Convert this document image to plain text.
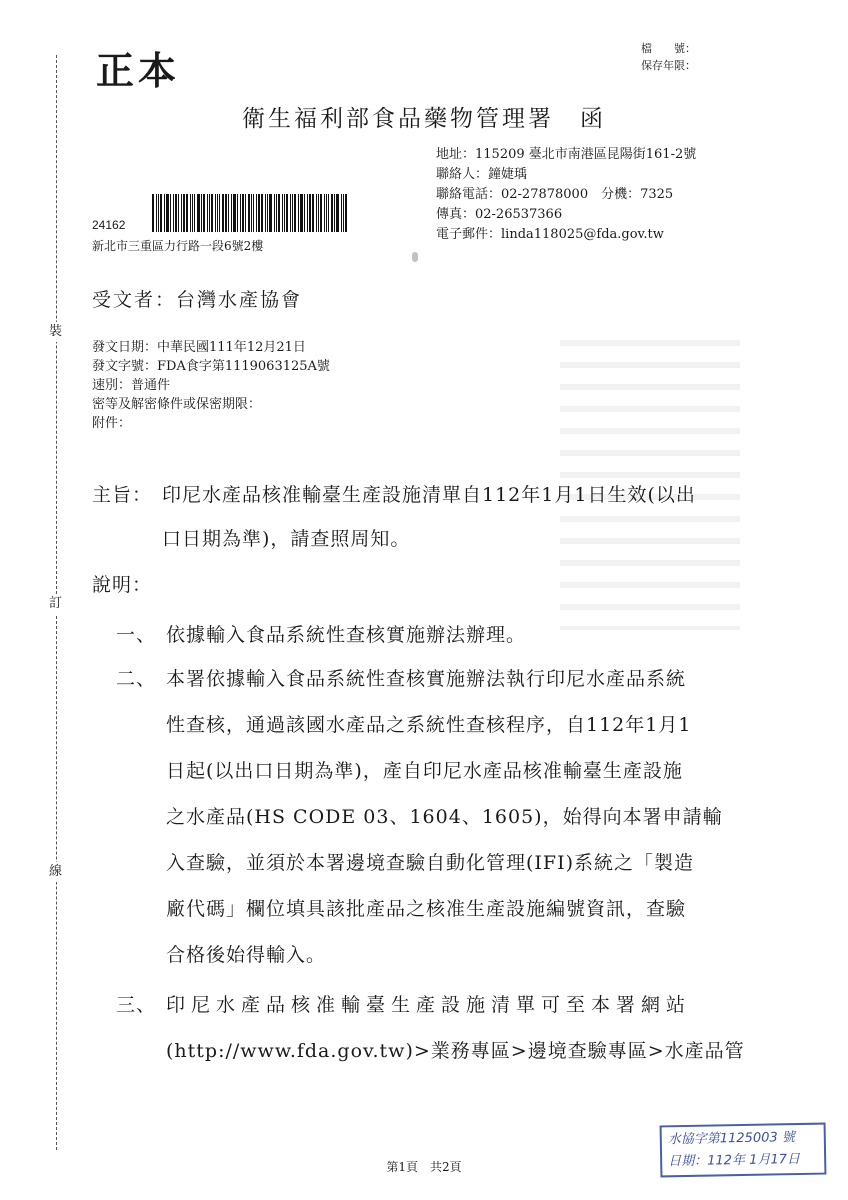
裝
訂
線
正本	檔　　號：
保存年限：
衛生福利部食品藥物管理署　函
地址：115209 臺北市南港區昆陽街161-2號
聯絡人：鐘婕瑀
聯絡電話：02-27878000　分機：7325
傳真：02-26537366
電子郵件：linda118025@fda.gov.tw
24162
新北市三重區力行路一段6號2樓
受文者：台灣水產協會
發文日期：中華民國111年12月21日
發文字號：FDA食字第1119063125A號
速別：普通件
密等及解密條件或保密期限：
附件：
主旨： 印尼水產品核准輸臺生產設施清單自112年1月1日生效(以出
口日期為準)，請查照周知。
說明：
一、 依據輸入食品系統性查核實施辦法辦理。
二、 本署依據輸入食品系統性查核實施辦法執行印尼水產品系統
性查核，通過該國水產品之系統性查核程序，自112年1月1
日起(以出口日期為準)，產自印尼水產品核准輸臺生產設施
之水產品(HS CODE 03、1604、1605)，始得向本署申請輸
入查驗，並須於本署邊境查驗自動化管理(IFI)系統之「製造
廠代碼」欄位填具該批產品之核准生產設施編號資訊，查驗
合格後始得輸入。
三、 印尼水產品核准輸臺生產設施清單可至本署網站
(http://www.fda.gov.tw)>業務專區>邊境查驗專區>水產品管
第1頁　共2頁
水協字第1125003 號
日期：112年 1月17日
